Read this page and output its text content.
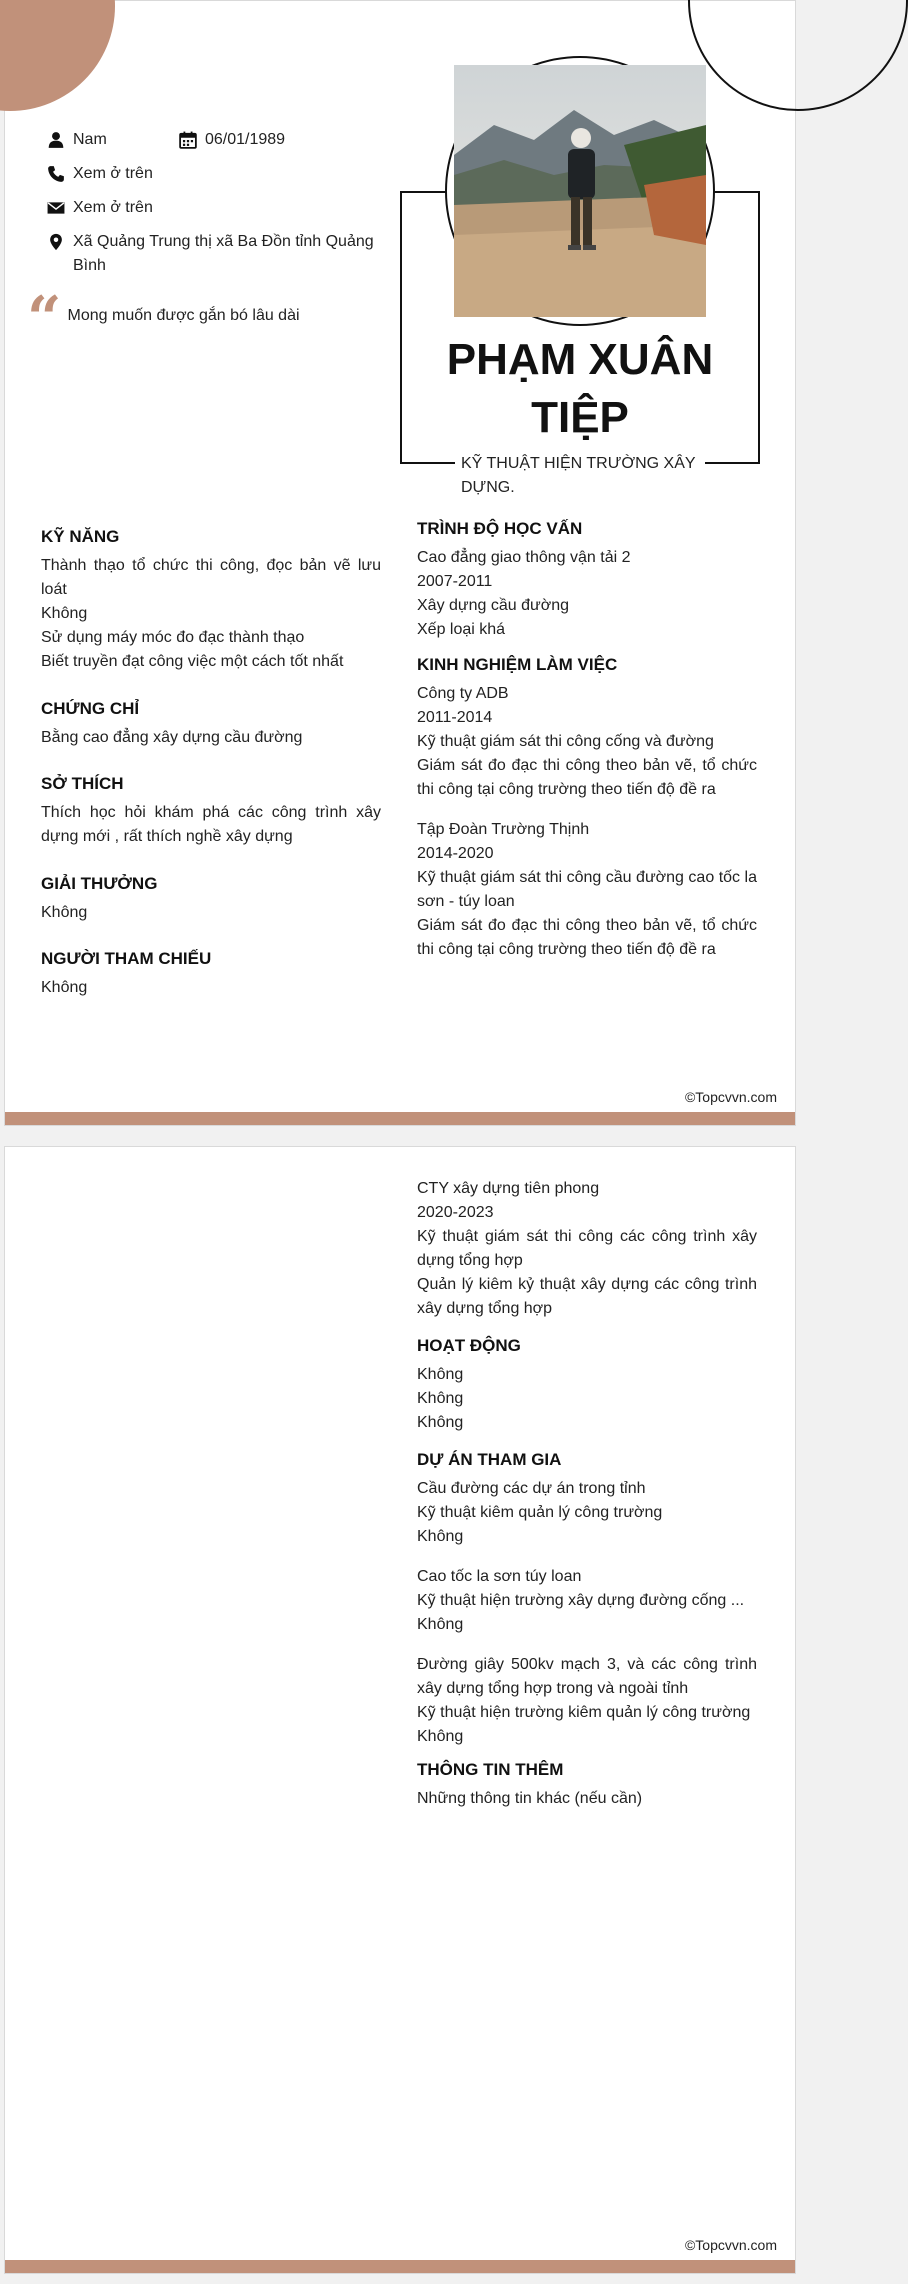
PHẠM XUÂN TIỆP
KỸ THUẬT HIỆN TRƯỜNG XÂY DỰNG.
Nam	06/01/1989
Xem ở trên
Xem ở trên
Xã Quảng Trung thị xã Ba Đồn tỉnh Quảng Bình
“ Mong muốn được gắn bó lâu dài
KỸ NĂNG
Thành thạo tổ chức thi công, đọc bản vẽ lưu loát
Không
Sử dụng máy móc đo đạc thành thạo
Biết truyền đạt công việc một cách tốt nhất
CHỨNG CHỈ
Bằng cao đẳng xây dựng cầu đường
SỞ THÍCH
Thích học hỏi khám phá các công trình xây dựng mới , rất thích nghề xây dựng
GIẢI THƯỞNG
Không
NGƯỜI THAM CHIẾU
Không
TRÌNH ĐỘ HỌC VẤN
Cao đẳng giao thông vận tải 2
2007-2011
Xây dựng cầu đường
Xếp loại khá
KINH NGHIỆM LÀM VIỆC
Công ty ADB
2011-2014
Kỹ thuật giám sát thi công cống và đường
Giám sát đo đạc thi công theo bản vẽ, tổ chức thi công tại công trường theo tiến độ đề ra
Tập Đoàn Trường Thịnh
2014-2020
Kỹ thuật giám sát thi công cầu đường cao tốc la sơn - túy loan
Giám sát đo đạc thi công theo bản vẽ, tổ chức thi công tại công trường theo tiến độ đề ra
©Topcvvn.com
CTY xây dựng tiên phong
2020-2023
Kỹ thuật giám sát thi công các công trình xây dựng tổng hợp
Quản lý kiêm kỷ thuật xây dựng các công trình xây dựng tổng hợp
HOẠT ĐỘNG
Không
Không
Không
DỰ ÁN THAM GIA
Cầu đường các dự án trong tỉnh
Kỹ thuật kiêm quản lý công trường
Không
Cao tốc la sơn túy loan
Kỹ thuật hiện trường xây dựng đường cống ...
Không
Đường giây 500kv mạch 3, và các công trình xây dựng tổng hợp trong và ngoài tỉnh
Kỹ thuật hiện trường kiêm quản lý công trường
Không
THÔNG TIN THÊM
Những thông tin khác (nếu cần)
©Topcvvn.com
